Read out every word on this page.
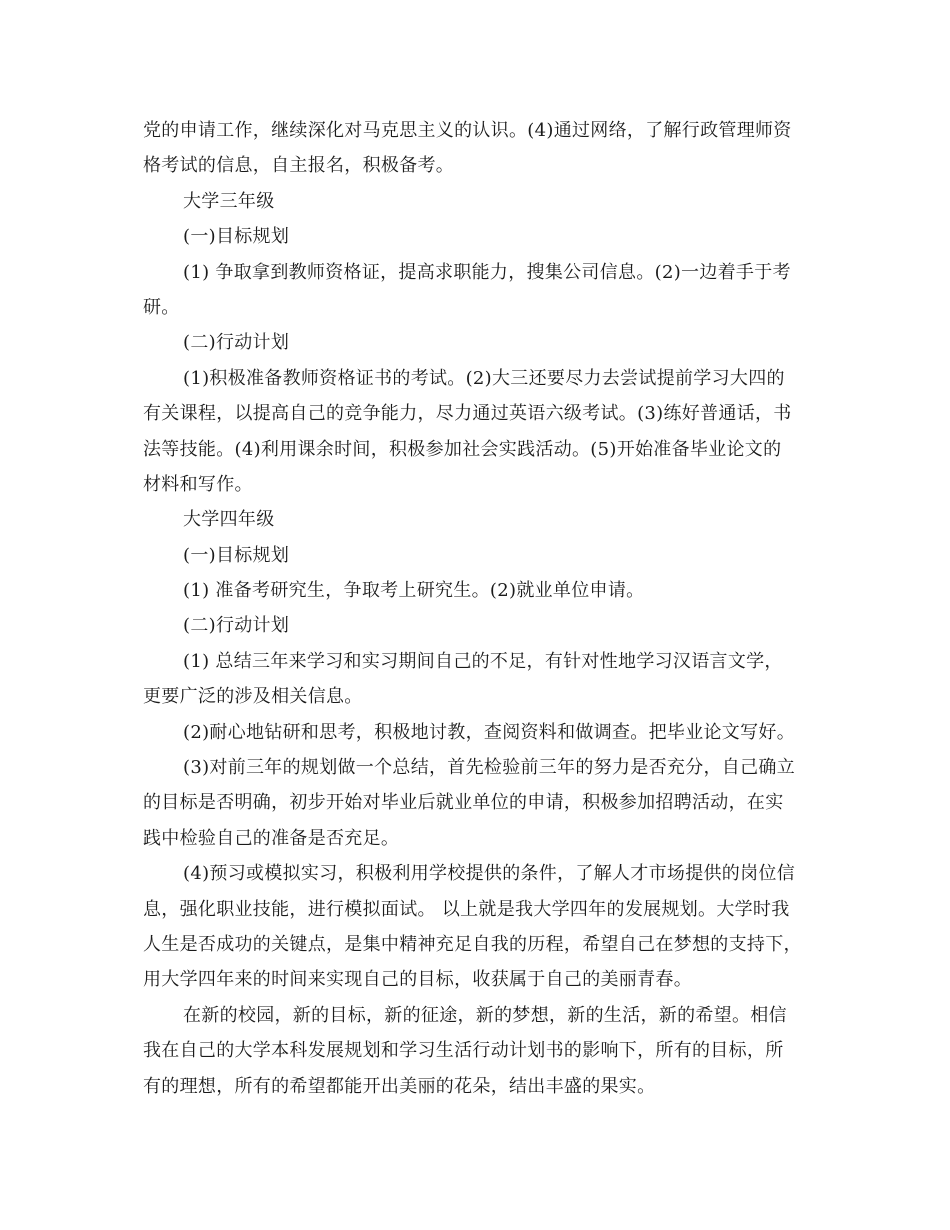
党的申请工作，继续深化对马克思主义的认识。(4)通过网络，了解行政管理师资
格考试的信息，自主报名，积极备考。
大学三年级
(一)目标规划
(1) 争取拿到教师资格证，提高求职能力，搜集公司信息。(2)一边着手于考
研。
(二)行动计划
(1)积极准备教师资格证书的考试。(2)大三还要尽力去尝试提前学习大四的
有关课程，以提高自己的竞争能力，尽力通过英语六级考试。(3)练好普通话，书
法等技能。(4)利用课余时间，积极参加社会实践活动。(5)开始准备毕业论文的
材料和写作。
大学四年级
(一)目标规划
(1) 准备考研究生，争取考上研究生。(2)就业单位申请。
(二)行动计划
(1) 总结三年来学习和实习期间自己的不足，有针对性地学习汉语言文学，
更要广泛的涉及相关信息。
(2)耐心地钻研和思考，积极地讨教，查阅资料和做调查。把毕业论文写好。
(3)对前三年的规划做一个总结，首先检验前三年的努力是否充分，自己确立
的目标是否明确，初步开始对毕业后就业单位的申请，积极参加招聘活动，在实
践中检验自己的准备是否充足。
(4)预习或模拟实习，积极利用学校提供的条件，了解人才市场提供的岗位信
息，强化职业技能，进行模拟面试。 以上就是我大学四年的发展规划。大学时我
人生是否成功的关键点，是集中精神充足自我的历程，希望自己在梦想的支持下，
用大学四年来的时间来实现自己的目标，收获属于自己的美丽青春。
在新的校园，新的目标，新的征途，新的梦想，新的生活，新的希望。相信
我在自己的大学本科发展规划和学习生活行动计划书的影响下，所有的目标，所
有的理想，所有的希望都能开出美丽的花朵，结出丰盛的果实。
